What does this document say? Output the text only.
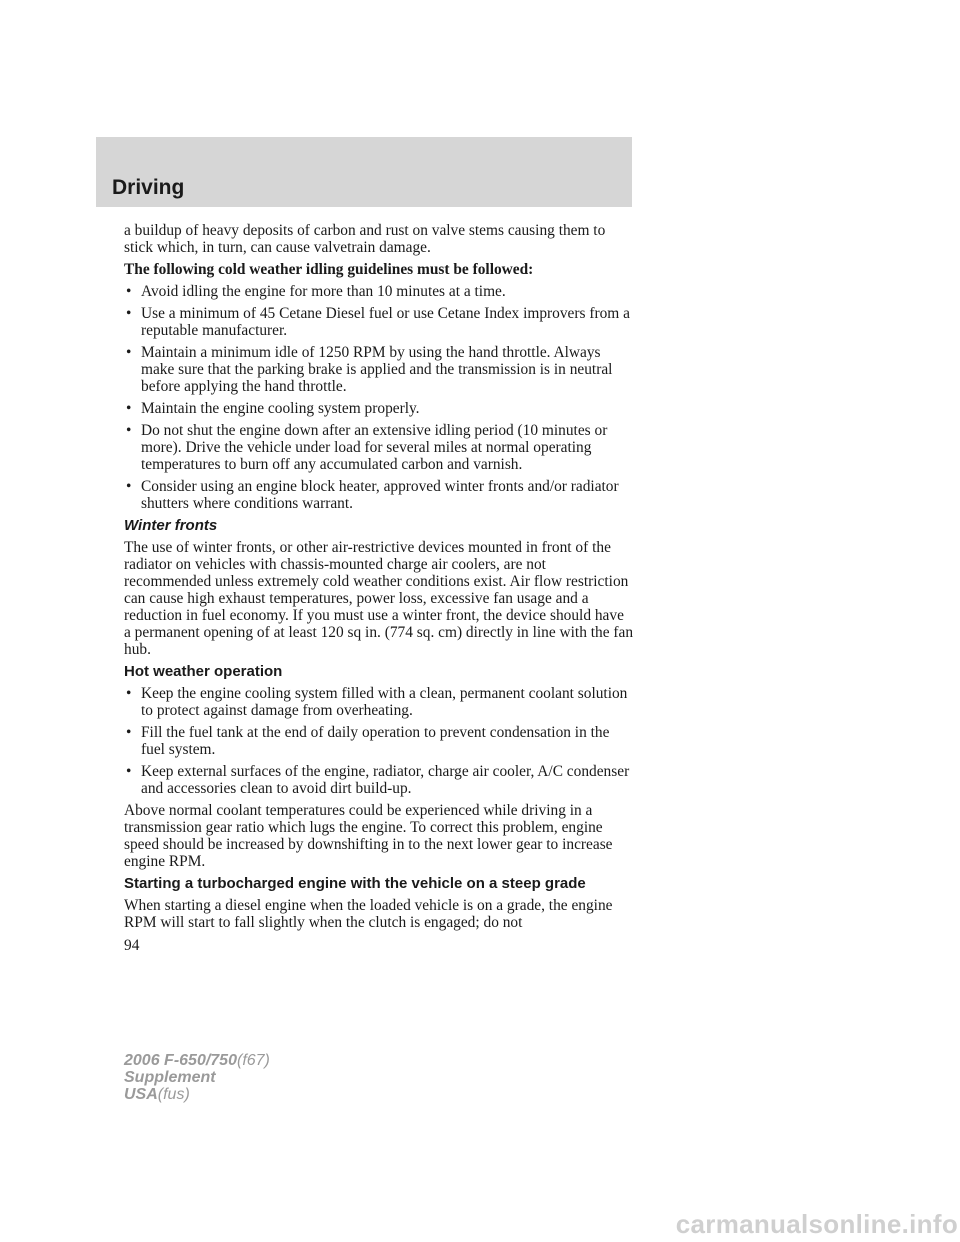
Driving

a buildup of heavy deposits of carbon and rust on valve stems causing them to stick which, in turn, can cause valvetrain damage.

The following cold weather idling guidelines must be followed:

• Avoid idling the engine for more than 10 minutes at a time.
• Use a minimum of 45 Cetane Diesel fuel or use Cetane Index improvers from a reputable manufacturer.
• Maintain a minimum idle of 1250 RPM by using the hand throttle. Always make sure that the parking brake is applied and the transmission is in neutral before applying the hand throttle.
• Maintain the engine cooling system properly.
• Do not shut the engine down after an extensive idling period (10 minutes or more). Drive the vehicle under load for several miles at normal operating temperatures to burn off any accumulated carbon and varnish.
• Consider using an engine block heater, approved winter fronts and/or radiator shutters where conditions warrant.
Winter fronts

The use of winter fronts, or other air-restrictive devices mounted in front of the radiator on vehicles with chassis-mounted charge air coolers, are not recommended unless extremely cold weather conditions exist. Air flow restriction can cause high exhaust temperatures, power loss, excessive fan usage and a reduction in fuel economy. If you must use a winter front, the device should have a permanent opening of at least 120 sq in. (774 sq. cm) directly in line with the fan hub.

Hot weather operation
• Keep the engine cooling system filled with a clean, permanent coolant solution to protect against damage from overheating.
• Fill the fuel tank at the end of daily operation to prevent condensation in the fuel system.
• Keep external surfaces of the engine, radiator, charge air cooler, A/C condenser and accessories clean to avoid dirt build-up.

Above normal coolant temperatures could be experienced while driving in a transmission gear ratio which lugs the engine. To correct this problem, engine speed should be increased by downshifting in to the next lower gear to increase engine RPM.

Starting a turbocharged engine with the vehicle on a steep grade

When starting a diesel engine when the loaded vehicle is on a grade, the engine RPM will start to fall slightly when the clutch is engaged; do not

94
2006 F-650/750(f67)
Supplement
USA(fus)
carmanualsonline.info
